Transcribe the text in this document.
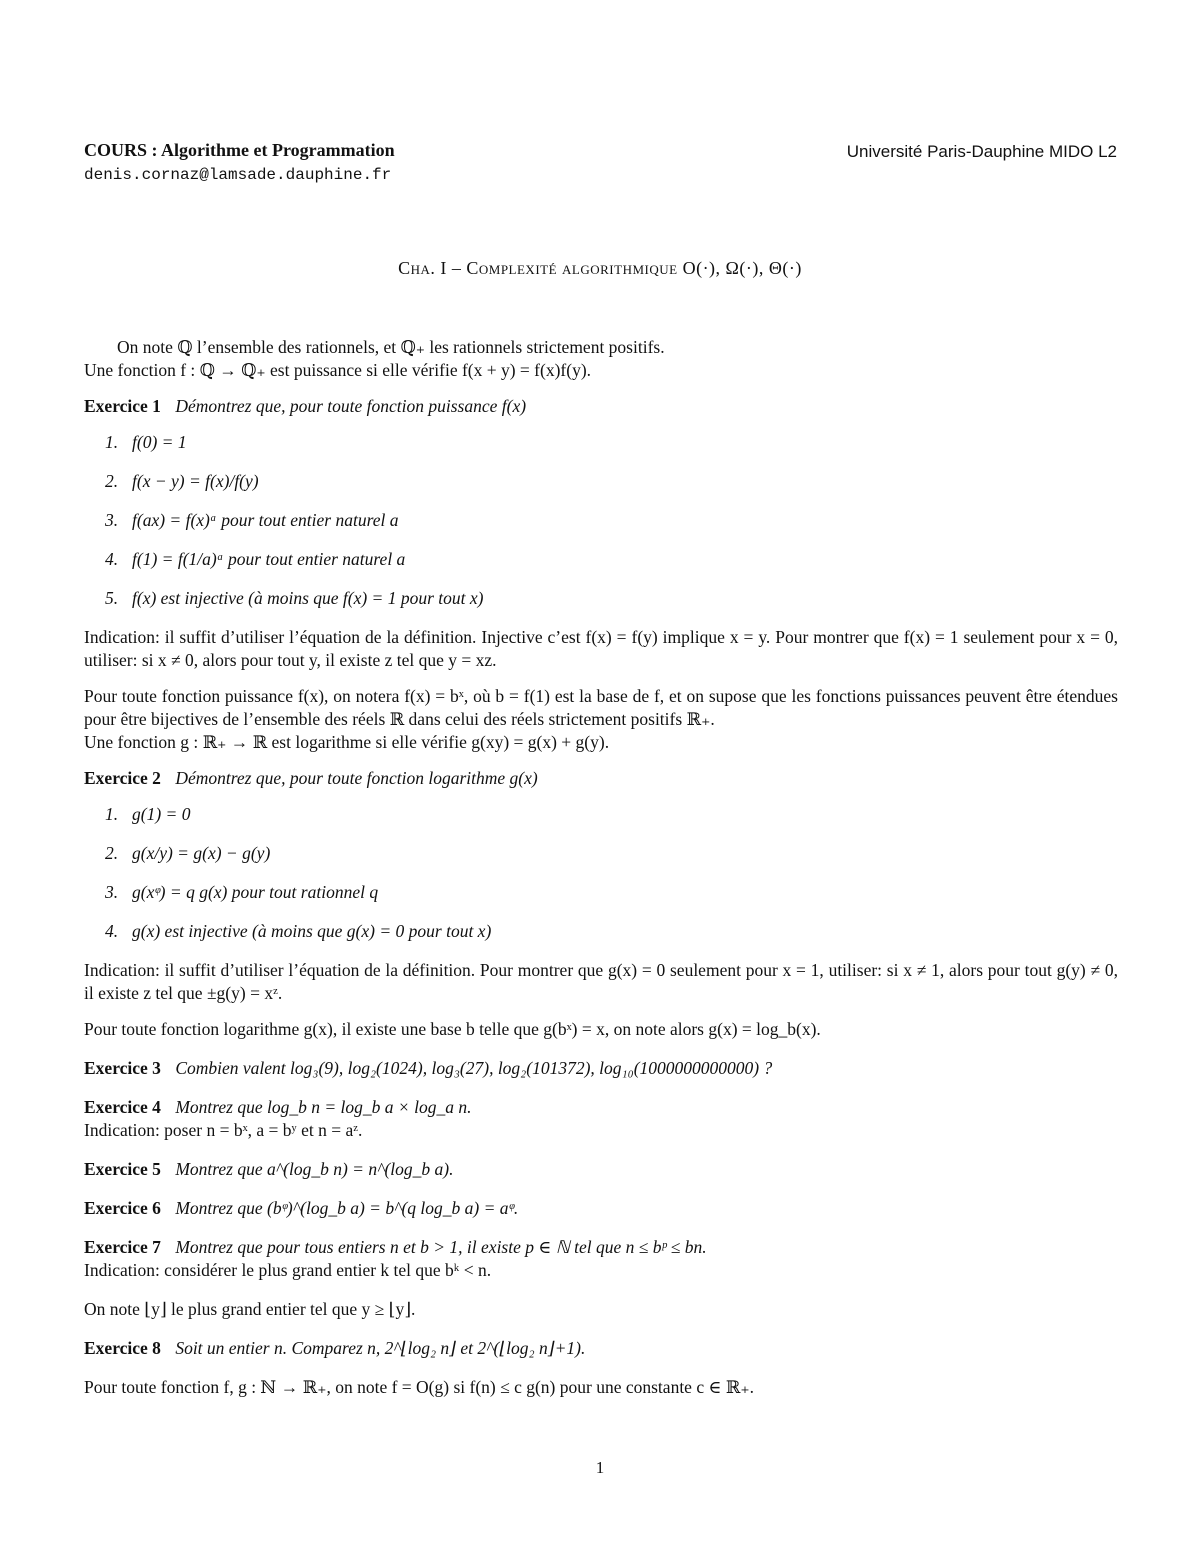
COURS : Algorithme et Programmation
denis.cornaz@lamsade.dauphine.fr
Université Paris-Dauphine MIDO L2
Cha. I – Complexité algorithmique O(·), Ω(·), Θ(·)

On note ℚ l’ensemble des rationnels, et ℚ₊ les rationnels strictement positifs.

Une fonction f : ℚ → ℚ₊ est puissance si elle vérifie f(x + y) = f(x)f(y).

Exercice 1 Démontrez que, pour toute fonction puissance f(x)

1. f(0) = 1
2. f(x − y) = f(x)/f(y)
3. f(ax) = f(x)ᵃ pour tout entier naturel a
4. f(1) = f(1/a)ᵃ pour tout entier naturel a
5. f(x) est injective (à moins que f(x) = 1 pour tout x)

Indication: il suffit d’utiliser l’équation de la définition. Injective c’est f(x) = f(y) implique x = y. Pour montrer que f(x) = 1 seulement pour x = 0, utiliser: si x ≠ 0, alors pour tout y, il existe z tel que y = xz.

Pour toute fonction puissance f(x), on notera f(x) = bˣ, où b = f(1) est la base de f, et on supose que les fonctions puissances peuvent être étendues pour être bijectives de l’ensemble des réels ℝ dans celui des réels strictement positifs ℝ₊.

Une fonction g : ℝ₊ → ℝ est logarithme si elle vérifie g(xy) = g(x) + g(y).

Exercice 2 Démontrez que, pour toute fonction logarithme g(x)

1. g(1) = 0
2. g(x/y) = g(x) − g(y)
3. g(xᵠ) = q g(x) pour tout rationnel q
4. g(x) est injective (à moins que g(x) = 0 pour tout x)

Indication: il suffit d’utiliser l’équation de la définition. Pour montrer que g(x) = 0 seulement pour x = 1, utiliser: si x ≠ 1, alors pour tout g(y) ≠ 0, il existe z tel que ±g(y) = xᶻ.

Pour toute fonction logarithme g(x), il existe une base b telle que g(bˣ) = x, on note alors g(x) = log_b(x).

Exercice 3 Combien valent log₃(9), log₂(1024), log₃(27), log₂(101372), log₁₀(1000000000000) ?

Exercice 4 Montrez que log_b n = log_b a × log_a n.

Indication: poser n = bˣ, a = bʸ et n = aᶻ.

Exercice 5 Montrez que a^(log_b n) = n^(log_b a).

Exercice 6 Montrez que (bᵠ)^(log_b a) = b^(q log_b a) = aᵠ.

Exercice 7 Montrez que pour tous entiers n et b > 1, il existe p ∈ ℕ tel que n ≤ bᵖ ≤ bn.

Indication: considérer le plus grand entier k tel que bᵏ < n.

On note ⌊y⌋ le plus grand entier tel que y ≥ ⌊y⌋.

Exercice 8 Soit un entier n. Comparez n, 2^⌊log₂ n⌋ et 2^(⌊log₂ n⌋+1).

Pour toute fonction f, g : ℕ → ℝ₊, on note f = O(g) si f(n) ≤ c g(n) pour une constante c ∈ ℝ₊.

1
